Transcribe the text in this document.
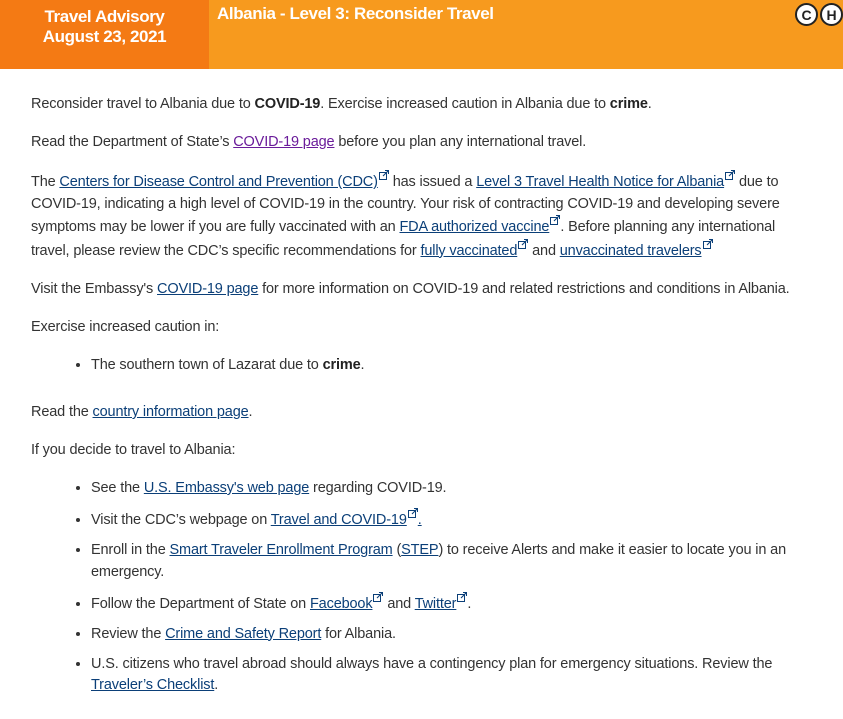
Travel Advisory
August 23, 2021
Albania - Level 3: Reconsider Travel	C	H

Reconsider travel to Albania due to COVID-19. Exercise increased caution in Albania due to crime.

Read the Department of State’s COVID-19 page before you plan any international travel.

The Centers for Disease Control and Prevention (CDC) has issued a Level 3 Travel Health Notice for Albania due to COVID-19, indicating a high level of COVID-19 in the country. Your risk of contracting COVID-19 and developing severe symptoms may be lower if you are fully vaccinated with an FDA authorized vaccine . Before planning any international travel, please review the CDC’s specific recommendations for fully vaccinated and unvaccinated travelers

Visit the Embassy's COVID-19 page for more information on COVID-19 and related restrictions and conditions in Albania.

Exercise increased caution in:

• The southern town of Lazarat due to crime.

Read the country information page.

If you decide to travel to Albania:

• See the U.S. Embassy's web page regarding COVID-19.
• Visit the CDC’s webpage on Travel and COVID-19 .
• Enroll in the Smart Traveler Enrollment Program (STEP) to receive Alerts and make it easier to locate you in an emergency.
• Follow the Department of State on Facebook and Twitter .
• Review the Crime and Safety Report for Albania.
• U.S. citizens who travel abroad should always have a contingency plan for emergency situations. Review the Traveler’s Checklist.
